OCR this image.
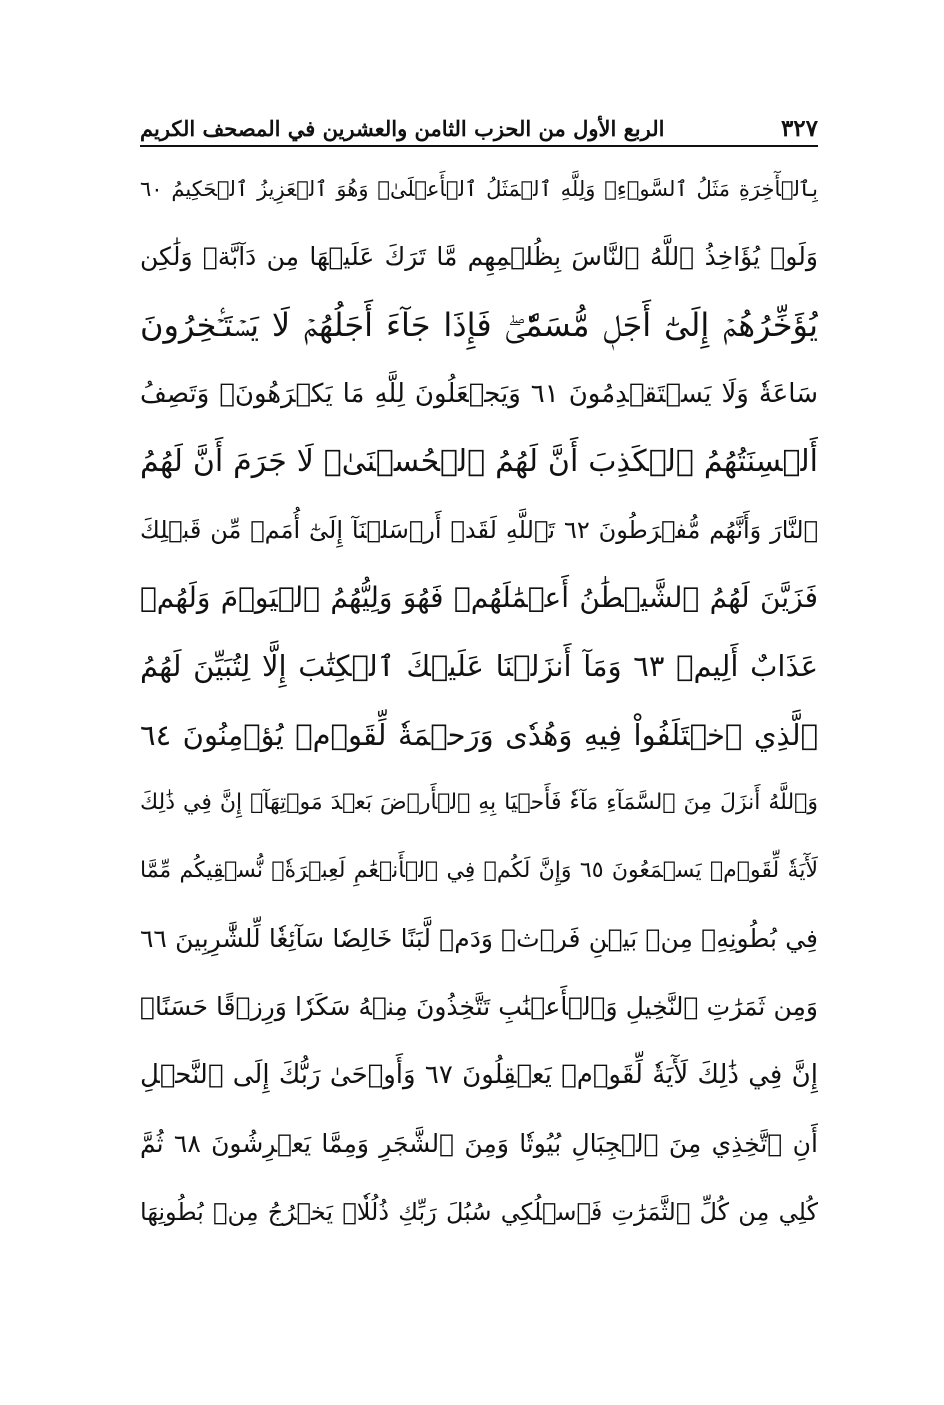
الربع الأول من الحزب الثامن والعشرين في المصحف الكريم	٣٢٧
بِٱلۡأٓخِرَةِ مَثَلُ ٱلسَّوۡءِۖ وَلِلَّهِ ٱلۡمَثَلُ ٱلۡأَعۡلَىٰۚ وَهُوَ ٱلۡعَزِيزُ ٱلۡحَكِيمُ ٦٠
وَلَوۡ يُؤَاخِذُ ٱللَّهُ ٱلنَّاسَ بِظُلۡمِهِم مَّا تَرَكَ عَلَيۡهَا مِن دَآبَّةٖ وَلَٰكِن
يُؤَخِّرُهُمۡ إِلَىٰٓ أَجَلٖ مُّسَمّٗىۖ فَإِذَا جَآءَ أَجَلُهُمۡ لَا يَسۡتَـٔۡخِرُونَ
سَاعَةٗ وَلَا يَسۡتَقۡدِمُونَ ٦١ وَيَجۡعَلُونَ لِلَّهِ مَا يَكۡرَهُونَۚ وَتَصِفُ
أَلۡسِنَتُهُمُ ٱلۡكَذِبَ أَنَّ لَهُمُ ٱلۡحُسۡنَىٰۖ لَا جَرَمَ أَنَّ لَهُمُ
ٱلنَّارَ وَأَنَّهُم مُّفۡرَطُونَ ٦٢ تَٱللَّهِ لَقَدۡ أَرۡسَلۡنَآ إِلَىٰٓ أُمَمٖ مِّن قَبۡلِكَ
فَزَيَّنَ لَهُمُ ٱلشَّيۡطَٰنُ أَعۡمَٰلَهُمۡ فَهُوَ وَلِيُّهُمُ ٱلۡيَوۡمَ وَلَهُمۡ
عَذَابٌ أَلِيمٞ ٦٣ وَمَآ أَنزَلۡنَا عَلَيۡكَ ٱلۡكِتَٰبَ إِلَّا لِتُبَيِّنَ لَهُمُ
ٱلَّذِي ٱخۡتَلَفُواْ فِيهِ وَهُدٗى وَرَحۡمَةٗ لِّقَوۡمٖ يُؤۡمِنُونَ ٦٤
وَٱللَّهُ أَنزَلَ مِنَ ٱلسَّمَآءِ مَآءٗ فَأَحۡيَا بِهِ ٱلۡأَرۡضَ بَعۡدَ مَوۡتِهَآۚ إِنَّ فِي ذَٰلِكَ
لَأٓيَةٗ لِّقَوۡمٖ يَسۡمَعُونَ ٦٥ وَإِنَّ لَكُمۡ فِي ٱلۡأَنۡعَٰمِ لَعِبۡرَةٗۖ نُّسۡقِيكُم مِّمَّا
فِي بُطُونِهِۦ مِنۢ بَيۡنِ فَرۡثٖ وَدَمٖ لَّبَنًا خَالِصٗا سَآئِغٗا لِّلشَّٰرِبِينَ ٦٦
وَمِن ثَمَرَٰتِ ٱلنَّخِيلِ وَٱلۡأَعۡنَٰبِ تَتَّخِذُونَ مِنۡهُ سَكَرٗا وَرِزۡقًا حَسَنًاۚ
إِنَّ فِي ذَٰلِكَ لَأٓيَةٗ لِّقَوۡمٖ يَعۡقِلُونَ ٦٧ وَأَوۡحَىٰ رَبُّكَ إِلَى ٱلنَّحۡلِ
أَنِ ٱتَّخِذِي مِنَ ٱلۡجِبَالِ بُيُوتٗا وَمِنَ ٱلشَّجَرِ وَمِمَّا يَعۡرِشُونَ ٦٨ ثُمَّ
كُلِي مِن كُلِّ ٱلثَّمَرَٰتِ فَٱسۡلُكِي سُبُلَ رَبِّكِ ذُلُلٗاۚ يَخۡرُجُ مِنۢ بُطُونِهَا
